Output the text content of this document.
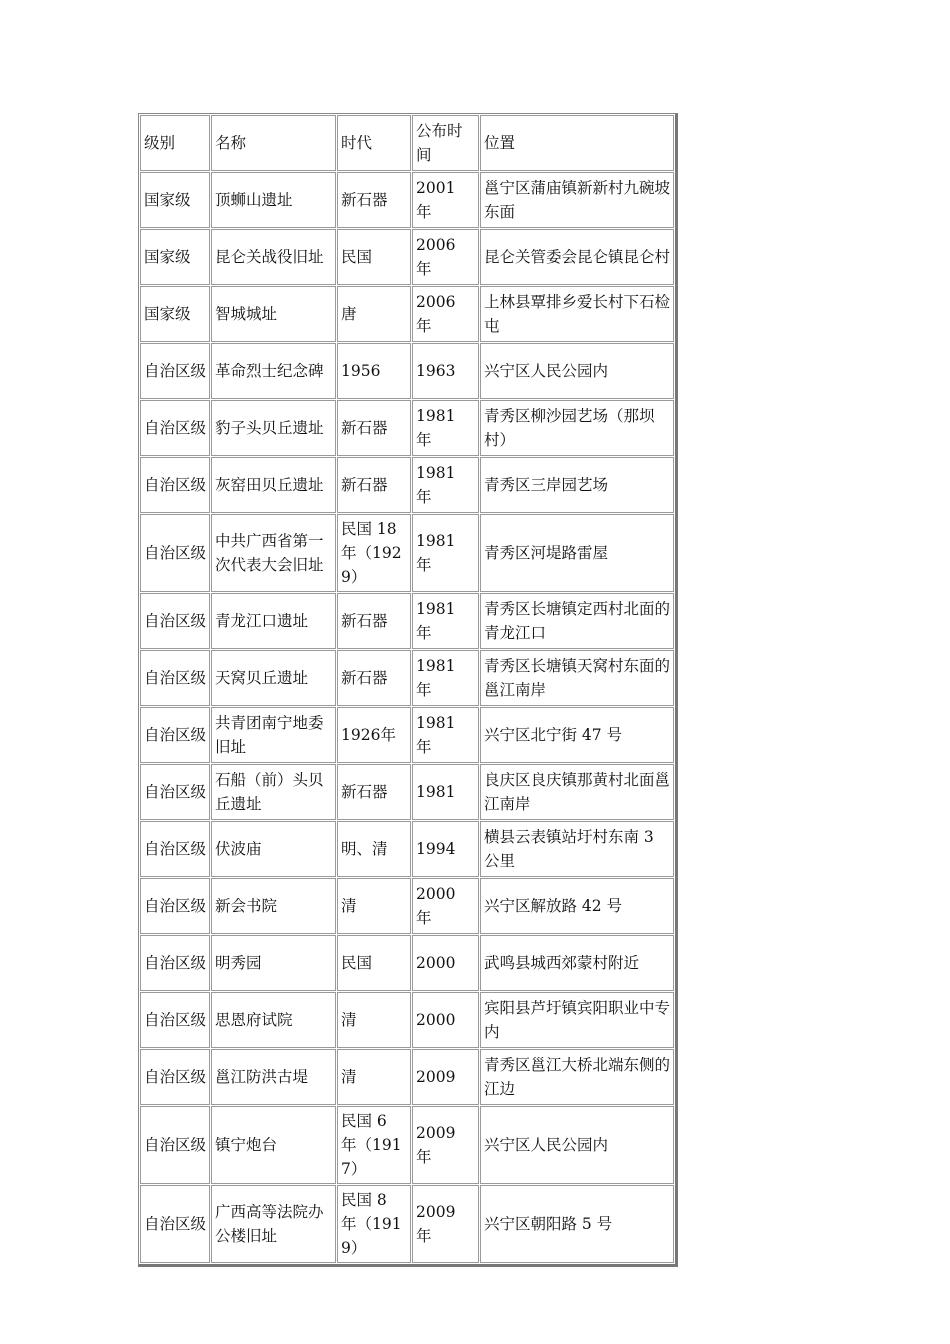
级别	名称	时代	公布时间	位置
国家级	顶蛳山遗址	新石器	2001 年	邕宁区蒲庙镇新新村九碗坡东面
国家级	昆仑关战役旧址	民国	2006 年	昆仑关管委会昆仑镇昆仑村
国家级	智城城址	唐	2006 年	上林县覃排乡爱长村下石检屯
自治区级	革命烈士纪念碑	1956	1963	兴宁区人民公园内
自治区级	豹子头贝丘遗址	新石器	1981 年	青秀区柳沙园艺场（那坝村）
自治区级	灰窑田贝丘遗址	新石器	1981 年	青秀区三岸园艺场
自治区级	中共广西省第一次代表大会旧址	民国 18 年（1929）	1981 年	青秀区河堤路雷屋
自治区级	青龙江口遗址	新石器	1981 年	青秀区长塘镇定西村北面的青龙江口
自治区级	天窝贝丘遗址	新石器	1981 年	青秀区长塘镇天窝村东面的邕江南岸
自治区级	共青团南宁地委旧址	1926年	1981 年	兴宁区北宁街 47 号
自治区级	石船（前）头贝丘遗址	新石器	1981	良庆区良庆镇那黄村北面邕江南岸
自治区级	伏波庙	明、清	1994	横县云表镇站圩村东南 3 公里
自治区级	新会书院	清	2000 年	兴宁区解放路 42 号
自治区级	明秀园	民国	2000	武鸣县城西郊蒙村附近
自治区级	思恩府试院	清	2000	宾阳县芦圩镇宾阳职业中专内
自治区级	邕江防洪古堤	清	2009	青秀区邕江大桥北端东侧的江边
自治区级	镇宁炮台	民国 6 年（1917）	2009 年	兴宁区人民公园内
自治区级	广西高等法院办公楼旧址	民国 8 年（1919）	2009 年	兴宁区朝阳路 5 号
